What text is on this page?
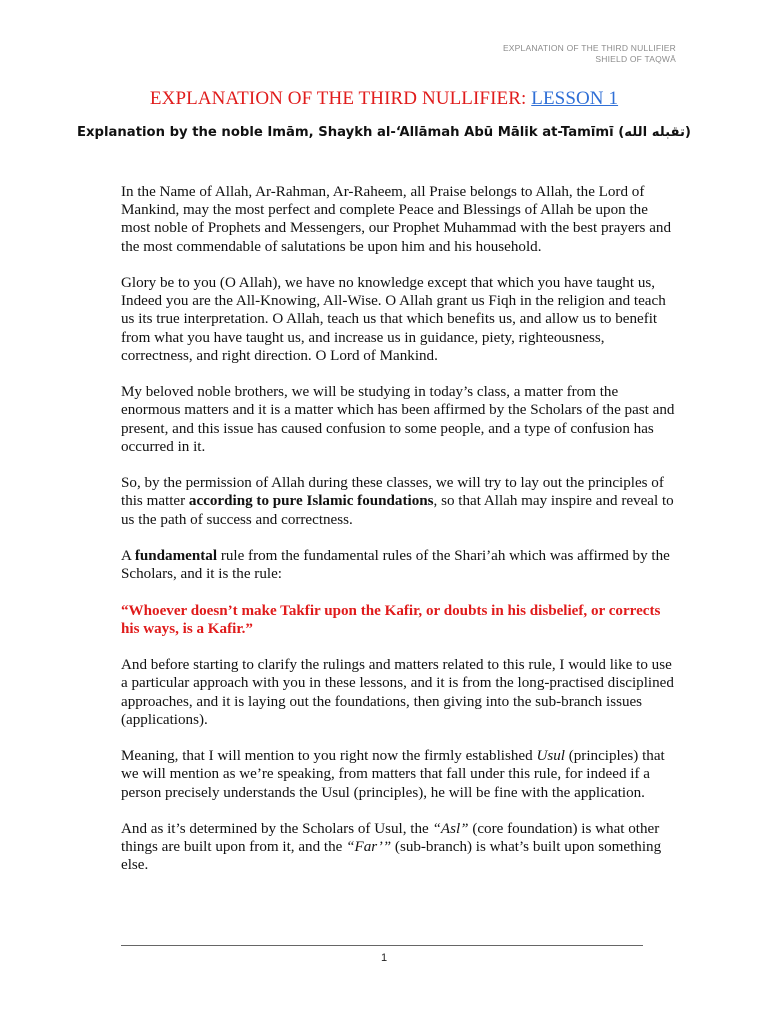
EXPLANATION OF THE THIRD NULLIFIER
SHIELD OF TAQWĀ
EXPLANATION OF THE THIRD NULLIFIER: LESSON 1
Explanation by the noble Imām, Shaykh al-‘Allāmah Abū Mālik at-Tamīmī (تقبله الله)

In the Name of Allah, Ar-Rahman, Ar-Raheem, all Praise belongs to Allah, the Lord of Mankind, may the most perfect and complete Peace and Blessings of Allah be upon the most noble of Prophets and Messengers, our Prophet Muhammad with the best prayers and the most commendable of salutations be upon him and his household.

Glory be to you (O Allah), we have no knowledge except that which you have taught us, Indeed you are the All-Knowing, All-Wise. O Allah grant us Fiqh in the religion and teach us its true interpretation. O Allah, teach us that which benefits us, and allow us to benefit from what you have taught us, and increase us in guidance, piety, righteousness, correctness, and right direction. O Lord of Mankind.

My beloved noble brothers, we will be studying in today’s class, a matter from the enormous matters and it is a matter which has been affirmed by the Scholars of the past and present, and this issue has caused confusion to some people, and a type of confusion has occurred in it.

So, by the permission of Allah during these classes, we will try to lay out the principles of this matter according to pure Islamic foundations, so that Allah may inspire and reveal to us the path of success and correctness.

A fundamental rule from the fundamental rules of the Shari’ah which was affirmed by the Scholars, and it is the rule:

“Whoever doesn’t make Takfir upon the Kafir, or doubts in his disbelief, or corrects his ways, is a Kafir.”

And before starting to clarify the rulings and matters related to this rule, I would like to use a particular approach with you in these lessons, and it is from the long-practised disciplined approaches, and it is laying out the foundations, then giving into the sub-branch issues (applications).

Meaning, that I will mention to you right now the firmly established Usul (principles) that we will mention as we’re speaking, from matters that fall under this rule, for indeed if a person precisely understands the Usul (principles), he will be fine with the application.

And as it’s determined by the Scholars of Usul, the “Asl” (core foundation) is what other things are built upon from it, and the “Far’” (sub-branch) is what’s built upon something else.

1
